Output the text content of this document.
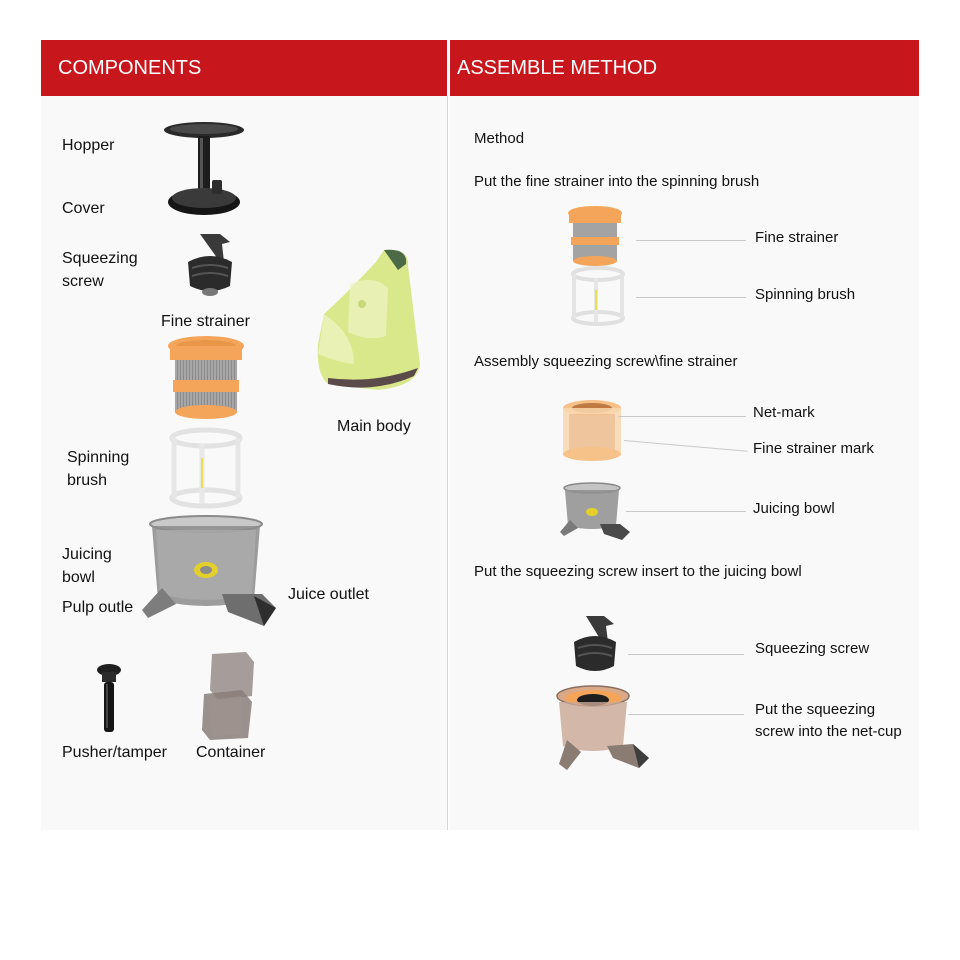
COMPONENTS	ASSEMBLE METHOD
Hopper
Cover
Squeezing
screw
Fine strainer
Main body
Spinning
brush
Juicing
bowl
Pulp outle
Juice outlet
Pusher/tamper Container
Method
Put the fine strainer into the spinning brush
Fine strainer
Spinning brush
Assembly squeezing screw\fine strainer
Net-mark
Fine strainer mark
Juicing bowl
Put the squeezing screw insert to the juicing bowl
Squeezing screw
Put the squeezing
screw into the net-cup
